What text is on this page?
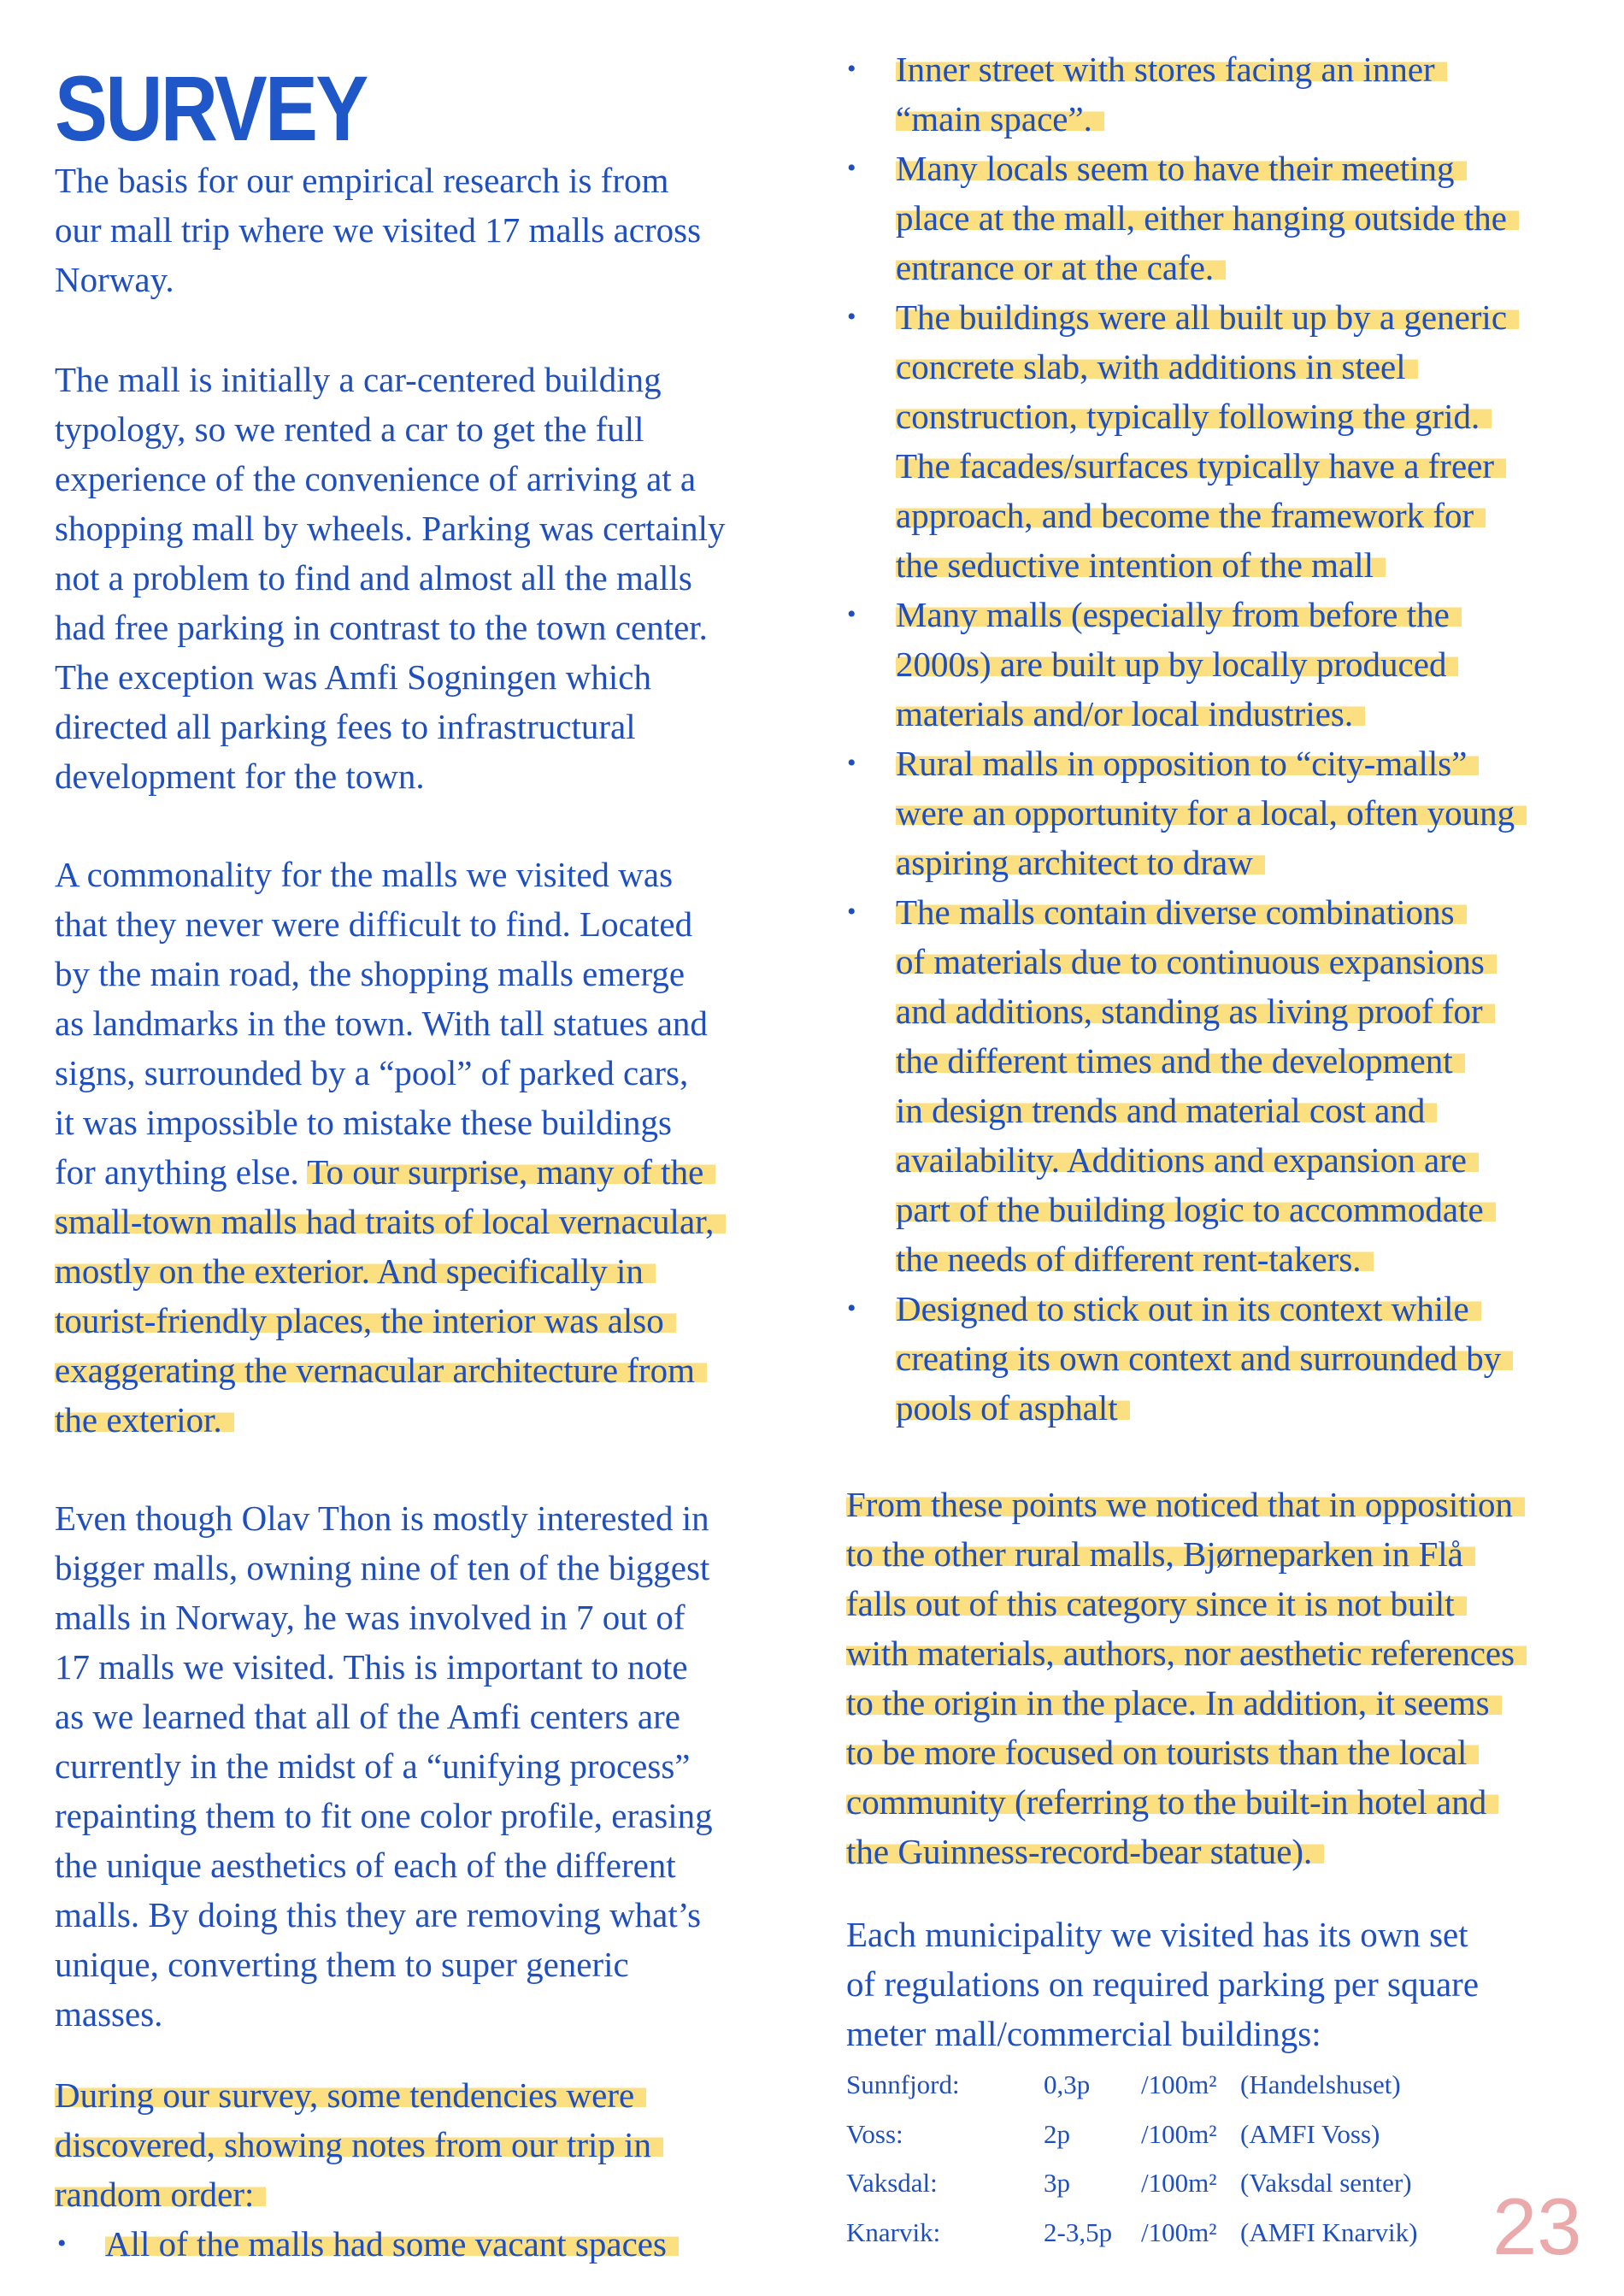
SURVEY
The basis for our empirical research is from
our mall trip where we visited 17 malls across
Norway.
The mall is initially a car-centered building
typology, so we rented a car to get the full
experience of the convenience of arriving at a
shopping mall by wheels. Parking was certainly
not a problem to find and almost all the malls
had free parking in contrast to the town center.
The exception was Amfi Sogningen which
directed all parking fees to infrastructural
development for the town.
A commonality for the malls we visited was
that they never were difficult to find. Located
by the main road, the shopping malls emerge
as landmarks in the town. With tall statues and
signs, surrounded by a “pool” of parked cars,
it was impossible to mistake these buildings
for anything else. To our surprise, many of the
small-town malls had traits of local vernacular,
mostly on the exterior. And specifically in
tourist-friendly places, the interior was also
exaggerating the vernacular architecture from
the exterior.
Even though Olav Thon is mostly interested in
bigger malls, owning nine of ten of the biggest
malls in Norway, he was involved in 7 out of
17 malls we visited. This is important to note
as we learned that all of the Amfi centers are
currently in the midst of a “unifying process”
repainting them to fit one color profile, erasing
the unique aesthetics of each of the different
malls. By doing this they are removing what’s
unique, converting them to super generic
masses.
During our survey, some tendencies were
discovered, showing notes from our trip in
random order:
• All of the malls had some vacant spaces
• Inner street with stores facing an inner
“main space”.
• Many locals seem to have their meeting
place at the mall, either hanging outside the
entrance or at the cafe.
• The buildings were all built up by a generic
concrete slab, with additions in steel
construction, typically following the grid.
The facades/surfaces typically have a freer
approach, and become the framework for
the seductive intention of the mall
• Many malls (especially from before the
2000s) are built up by locally produced
materials and/or local industries.
• Rural malls in opposition to “city-malls”
were an opportunity for a local, often young
aspiring architect to draw
• The malls contain diverse combinations
of materials due to continuous expansions
and additions, standing as living proof for
the different times and the development
in design trends and material cost and
availability. Additions and expansion are
part of the building logic to accommodate
the needs of different rent-takers.
• Designed to stick out in its context while
creating its own context and surrounded by
pools of asphalt
From these points we noticed that in opposition
to the other rural malls, Bjørneparken in Flå
falls out of this category since it is not built
with materials, authors, nor aesthetic references
to the origin in the place. In addition, it seems
to be more focused on tourists than the local
community (referring to the built-in hotel and
the Guinness-record-bear statue).
Each municipality we visited has its own set
of regulations on required parking per square
meter mall/commercial buildings:
Sunnfjord:	0,3p /100m² (Handelshuset)
Voss:	2p	/100m² (AMFI Voss)
Vaksdal:	3p	/100m² (Vaksdal senter)
Knarvik:	2-3,5p /100m² (AMFI Knarvik) 23
